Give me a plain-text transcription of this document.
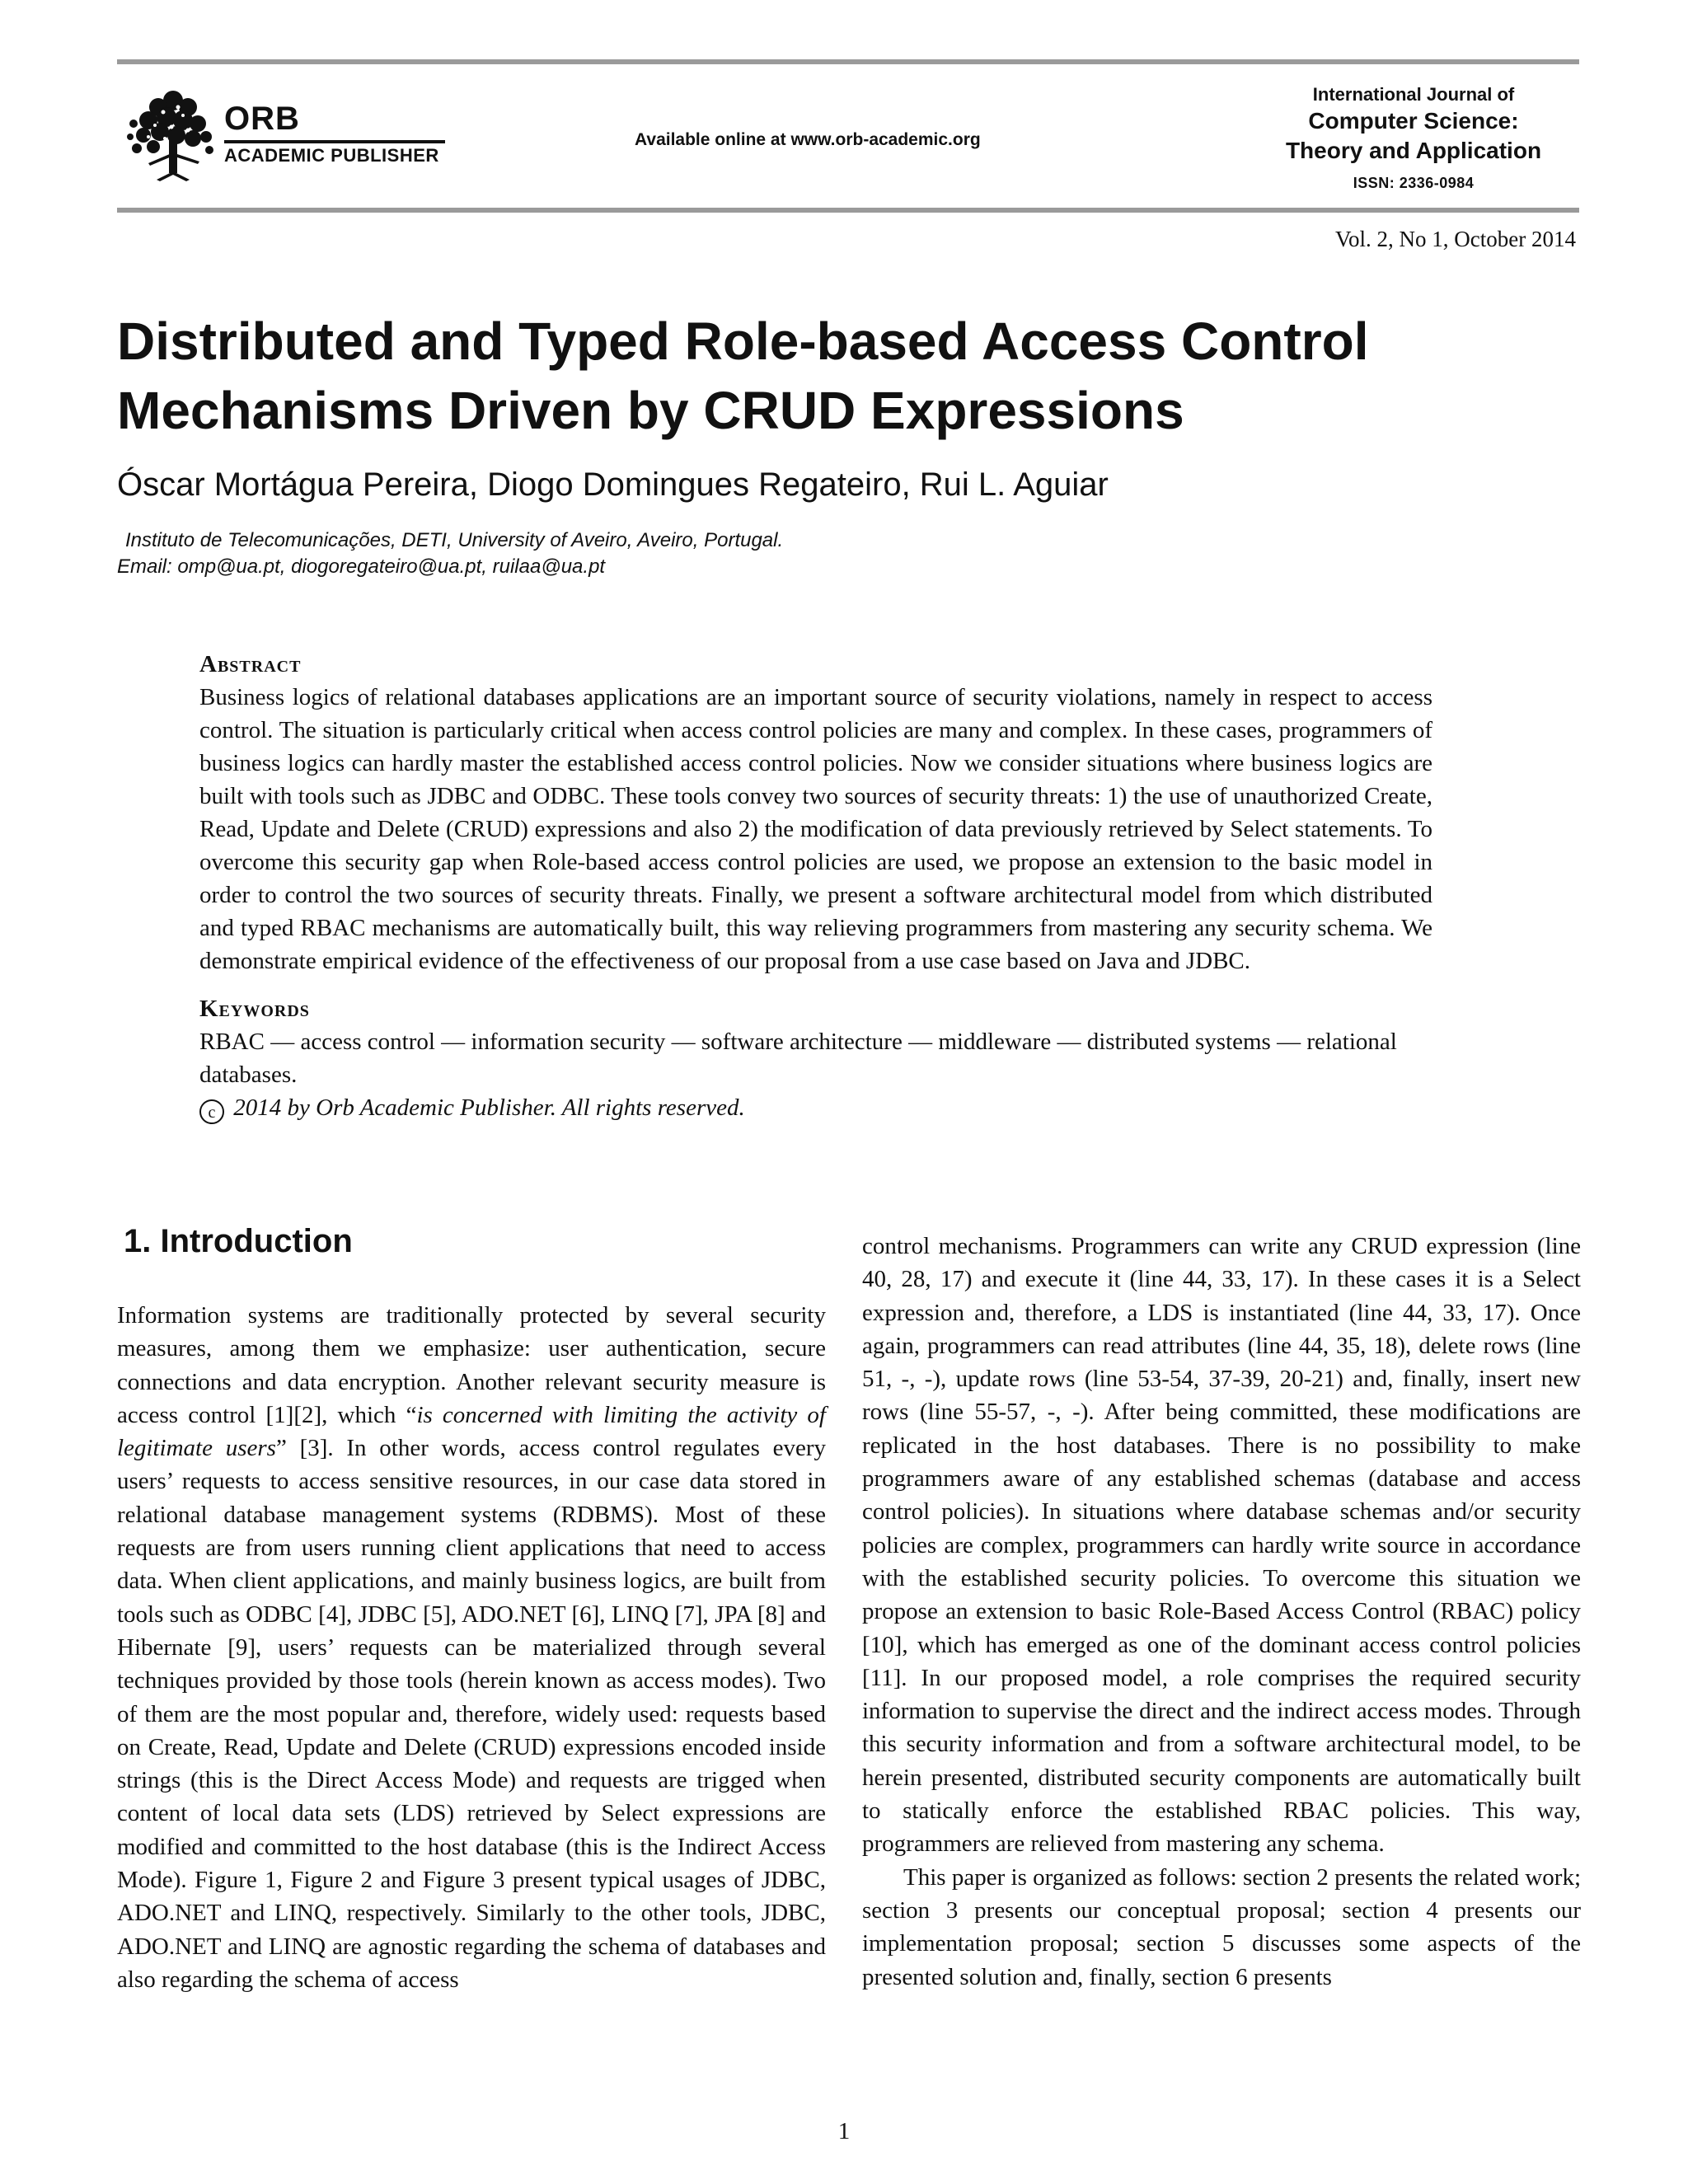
ORB
ACADEMIC PUBLISHER
Available online at www.orb-academic.org
International Journal of
Computer Science:
Theory and Application
ISSN: 2336-0984
Vol. 2, No 1, October 2014
Distributed and Typed Role-based Access Control
Mechanisms Driven by CRUD Expressions
Óscar Mortágua Pereira, Diogo Domingues Regateiro, Rui L. Aguiar
Instituto de Telecomunicações, DETI, University of Aveiro, Aveiro, Portugal.
Email: omp@ua.pt, diogoregateiro@ua.pt, ruilaa@ua.pt
Abstract

Business logics of relational databases applications are an important source of security violations, namely in respect to access control. The situation is particularly critical when access control policies are many and complex. In these cases, programmers of business logics can hardly master the established access control policies. Now we consider situations where business logics are built with tools such as JDBC and ODBC. These tools convey two sources of security threats: 1) the use of unauthorized Create, Read, Update and Delete (CRUD) expressions and also 2) the modification of data previously retrieved by Select statements. To overcome this security gap when Role-based access control policies are used, we propose an extension to the basic model in order to control the two sources of security threats. Finally, we present a software architectural model from which distributed and typed RBAC mechanisms are automatically built, this way relieving programmers from mastering any security schema. We demonstrate empirical evidence of the effectiveness of our proposal from a use case based on Java and JDBC.

Keywords
RBAC — access control — information security — software architecture — middleware — distributed systems — relational databases.
c 2014 by Orb Academic Publisher. All rights reserved.
1. Introduction

Information systems are traditionally protected by several security measures, among them we emphasize: user authentication, secure connections and data encryption. Another relevant security measure is access control [1][2], which “is concerned with limiting the activity of legitimate users” [3]. In other words, access control regulates every users’ requests to access sensitive resources, in our case data stored in relational database management systems (RDBMS). Most of these requests are from users running client applications that need to access data. When client applications, and mainly business logics, are built from tools such as ODBC [4], JDBC [5], ADO.NET [6], LINQ [7], JPA [8] and Hibernate [9], users’ requests can be materialized through several techniques provided by those tools (herein known as access modes). Two of them are the most popular and, therefore, widely used: requests based on Create, Read, Update and Delete (CRUD) expressions encoded inside strings (this is the Direct Access Mode) and requests are trigged when content of local data sets (LDS) retrieved by Select expressions are modified and committed to the host database (this is the Indirect Access Mode). Figure 1, Figure 2 and Figure 3 present typical usages of JDBC, ADO.NET and LINQ, respectively. Similarly to the other tools, JDBC, ADO.NET and LINQ are agnostic regarding the schema of databases and also regarding the schema of access

control mechanisms. Programmers can write any CRUD expression (line 40, 28, 17) and execute it (line 44, 33, 17). In these cases it is a Select expression and, therefore, a LDS is instantiated (line 44, 33, 17). Once again, programmers can read attributes (line 44, 35, 18), delete rows (line 51, -, -), update rows (line 53-54, 37-39, 20-21) and, finally, insert new rows (line 55-57, -, -). After being committed, these modifications are replicated in the host databases. There is no possibility to make programmers aware of any established schemas (database and access control policies). In situations where database schemas and/or security policies are complex, programmers can hardly write source in accordance with the established security policies. To overcome this situation we propose an extension to basic Role-Based Access Control (RBAC) policy [10], which has emerged as one of the dominant access control policies [11]. In our proposed model, a role comprises the required security information to supervise the direct and the indirect access modes. Through this security information and from a software architectural model, to be herein presented, distributed security components are automatically built to statically enforce the established RBAC policies. This way, programmers are relieved from mastering any schema.

This paper is organized as follows: section 2 presents the related work; section 3 presents our conceptual proposal; section 4 presents our implementation proposal; section 5 discusses some aspects of the presented solution and, finally, section 6 presents

1
